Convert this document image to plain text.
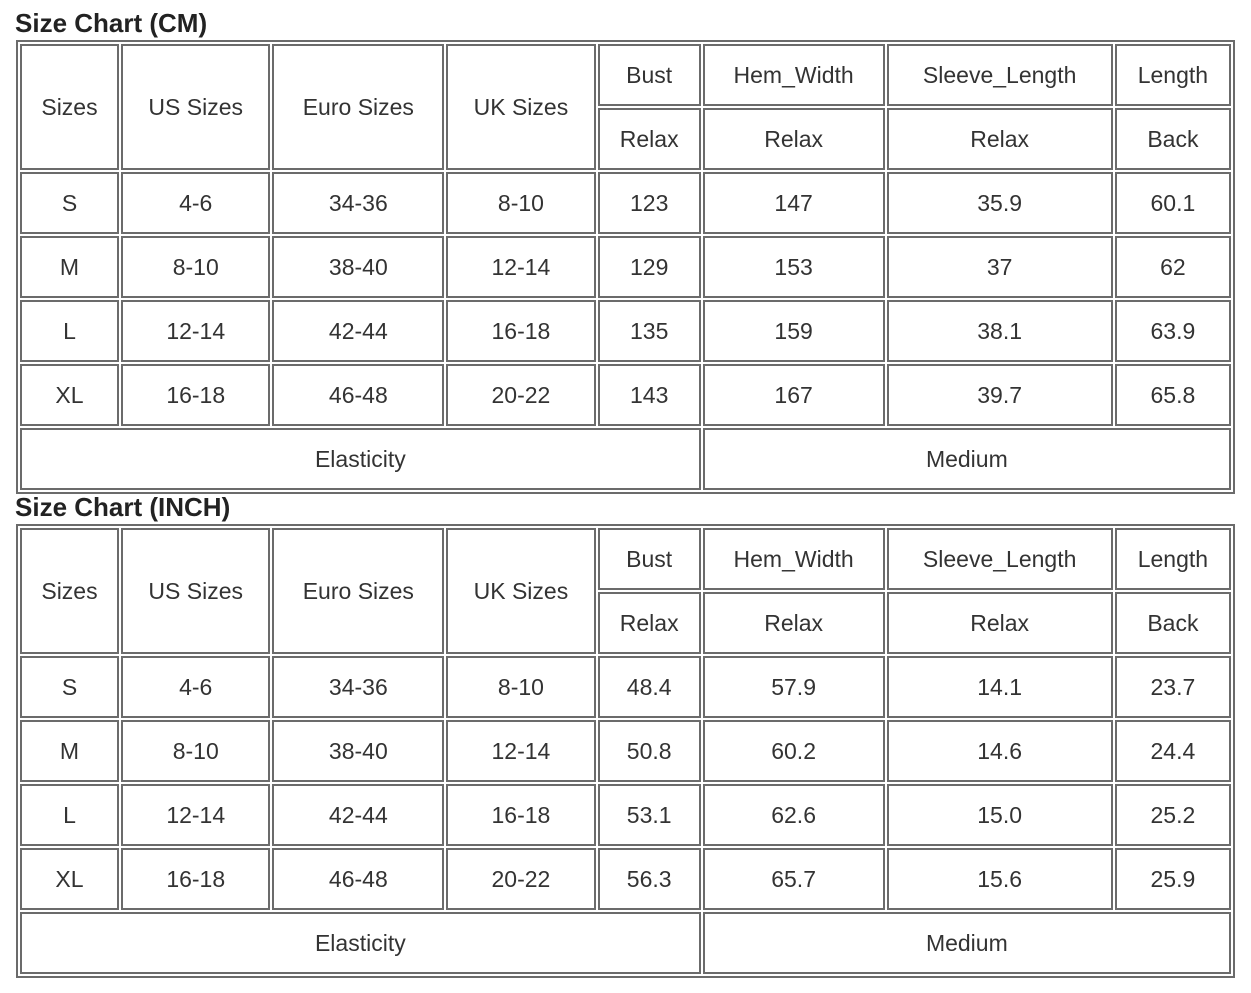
Size Chart (CM)
Sizes	US Sizes	Euro Sizes	UK Sizes	Bust	Hem_Width	Sleeve_Length	Length
				Relax	Relax	Relax	Back
S	4-6	34-36	8-10	123	147	35.9	60.1
M	8-10	38-40	12-14	129	153	37	62
L	12-14	42-44	16-18	135	159	38.1	63.9
XL	16-18	46-48	20-22	143	167	39.7	65.8
Elasticity					Medium		
Size Chart (INCH)
Sizes	US Sizes	Euro Sizes	UK Sizes	Bust	Hem_Width	Sleeve_Length	Length
				Relax	Relax	Relax	Back
S	4-6	34-36	8-10	48.4	57.9	14.1	23.7
M	8-10	38-40	12-14	50.8	60.2	14.6	24.4
L	12-14	42-44	16-18	53.1	62.6	15.0	25.2
XL	16-18	46-48	20-22	56.3	65.7	15.6	25.9
Elasticity					Medium		
